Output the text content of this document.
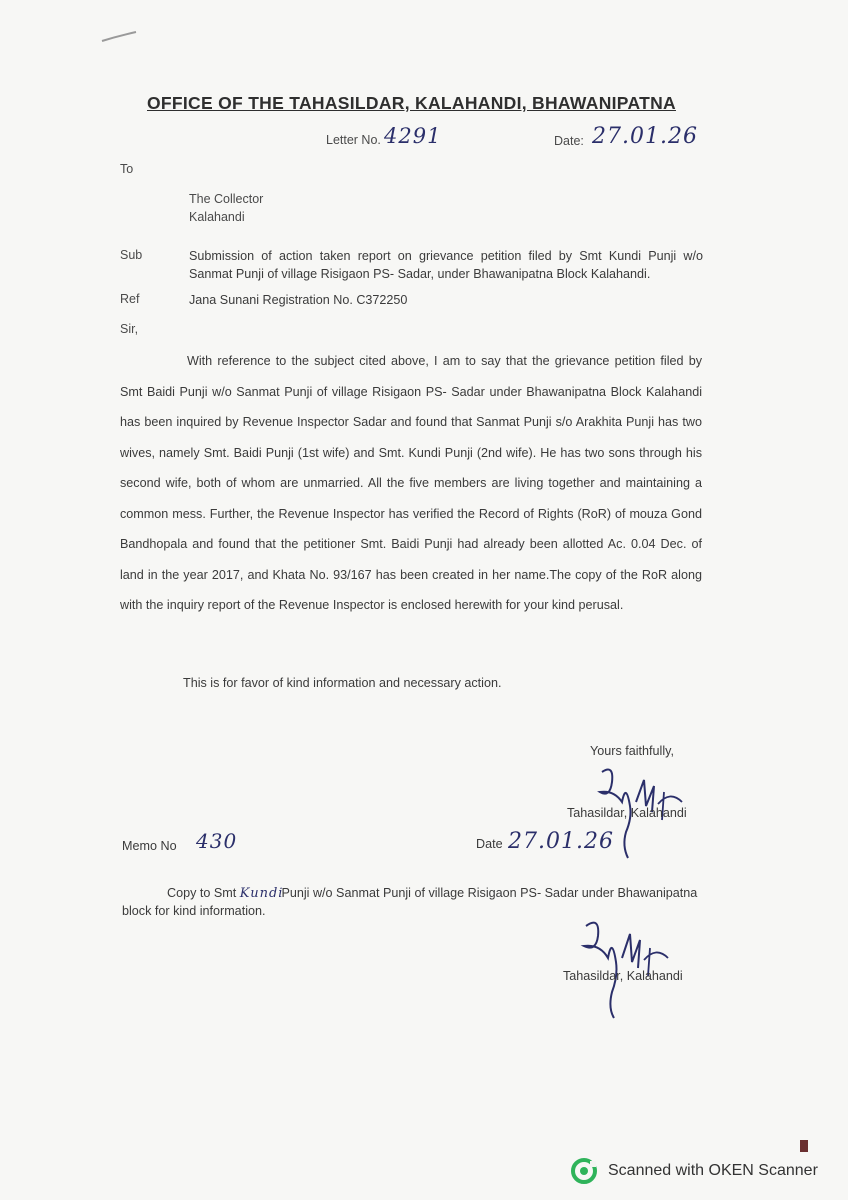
OFFICE OF THE TAHASILDAR, KALAHANDI, BHAWANIPATNA
Letter No. 4291	Date: 27.01.26
To
The Collector
Kalahandi
Sub	Submission of action taken report on grievance petition filed by Smt Kundi Punji w/o
Sanmat Punji of village Risigaon PS- Sadar, under Bhawanipatna Block Kalahandi.
Ref	Jana Sunani Registration No. C372250
Sir,
With reference to the subject cited above, I am to say that the grievance petition filed by
Smt Baidi Punji w/o Sanmat Punji of village Risigaon PS- Sadar under Bhawanipatna Block Kalahandi
has been inquired by Revenue Inspector Sadar and found that Sanmat Punji s/o Arakhita Punji has two
wives, namely Smt. Baidi Punji (1st wife) and Smt. Kundi Punji (2nd wife). He has two sons through his
second wife, both of whom are unmarried. All the five members are living together and maintaining a
common mess. Further, the Revenue Inspector has verified the Record of Rights (RoR) of mouza Gond
Bandhopala and found that the petitioner Smt. Baidi Punji had already been allotted Ac. 0.04 Dec. of
land in the year 2017, and Khata No. 93/167 has been created in her name.The copy of the RoR along
with the inquiry report of the Revenue Inspector is enclosed herewith for your kind perusal.
This is for favor of kind information and necessary action.
Yours faithfully,
Tahasildar, Kalahandi
Memo No 430	Date 27.01.26
Copy to Smt KundiPunji w/o Sanmat Punji of village Risigaon PS- Sadar under Bhawanipatna
block for kind information.
Tahasildar, Kalahandi
Scanned with OKEN Scanner
